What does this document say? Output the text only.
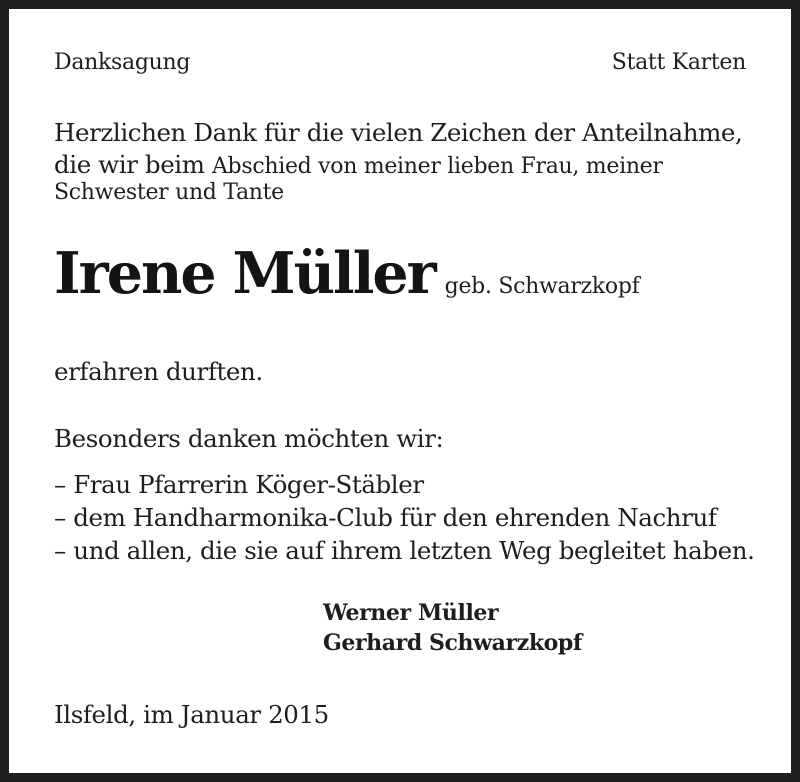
Danksagung	Statt Karten

Herzlichen Dank für die vielen Zeichen der Anteilnahme,

die wir beim Abschied von meiner lieben Frau, meiner

Schwester und Tante

Irene Müller geb. Schwarzkopf

erfahren durften.

Besonders danken möchten wir:

– Frau Pfarrerin Köger-Stäbler

– dem Handharmonika-Club für den ehrenden Nachruf

– und allen, die sie auf ihrem letzten Weg begleitet haben.

Werner Müller

Gerhard Schwarzkopf

Ilsfeld, im Januar 2015
